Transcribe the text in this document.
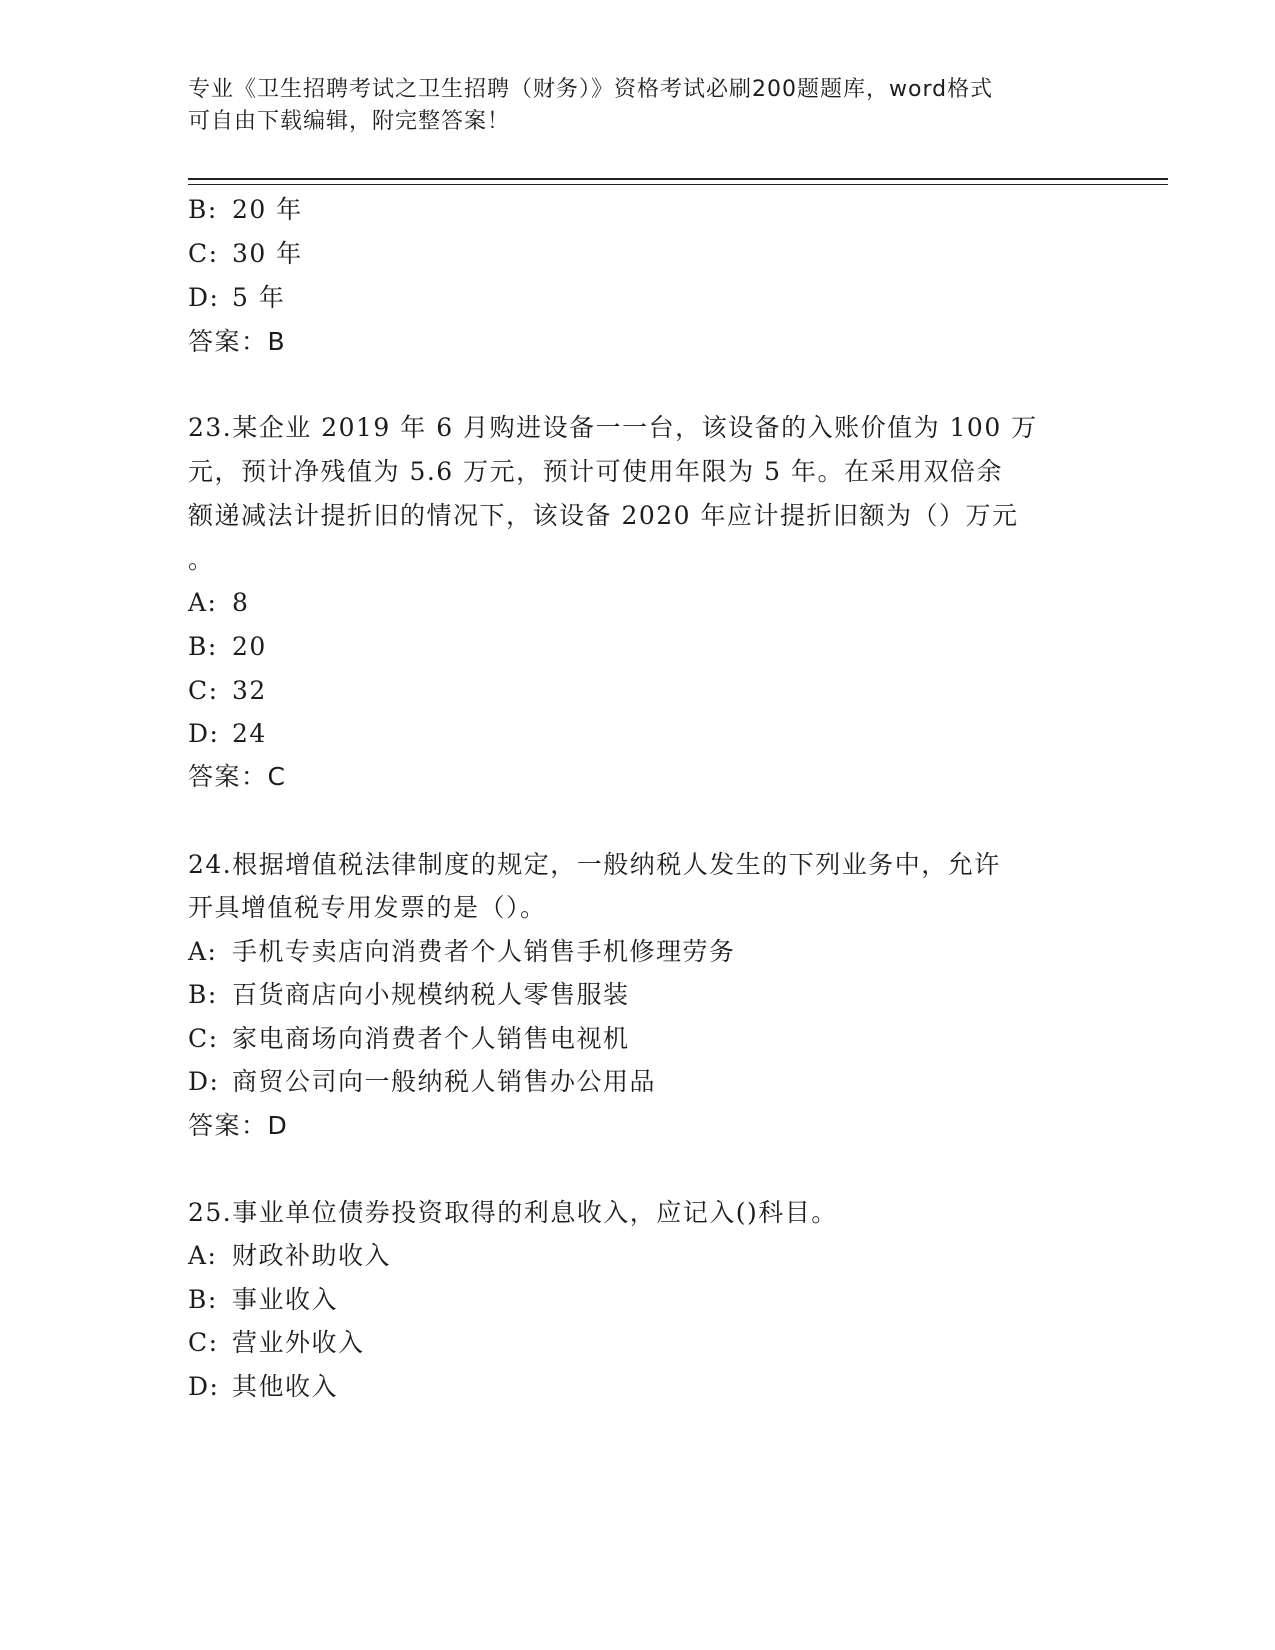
专业《卫生招聘考试之卫生招聘（财务）》资格考试必刷200题题库，word格式
可自由下载编辑，附完整答案！
B: 20 年
C: 30 年
D: 5 年
答案：B
23.某企业 2019 年 6 月购进设备一一台，该设备的入账价值为 100 万
元，预计净残值为 5.6 万元，预计可使用年限为 5 年。在采用双倍余
额递减法计提折旧的情况下，该设备 2020 年应计提折旧额为（）万元
。
A: 8
B: 20
C: 32
D: 24
答案：C
24.根据增值税法律制度的规定，一般纳税人发生的下列业务中，允许
开具增值税专用发票的是（）。
A: 手机专卖店向消费者个人销售手机修理劳务
B: 百货商店向小规模纳税人零售服装
C: 家电商场向消费者个人销售电视机
D: 商贸公司向一般纳税人销售办公用品
答案：D
25.事业单位债券投资取得的利息收入，应记入()科目。
A: 财政补助收入
B: 事业收入
C: 营业外收入
D: 其他收入
